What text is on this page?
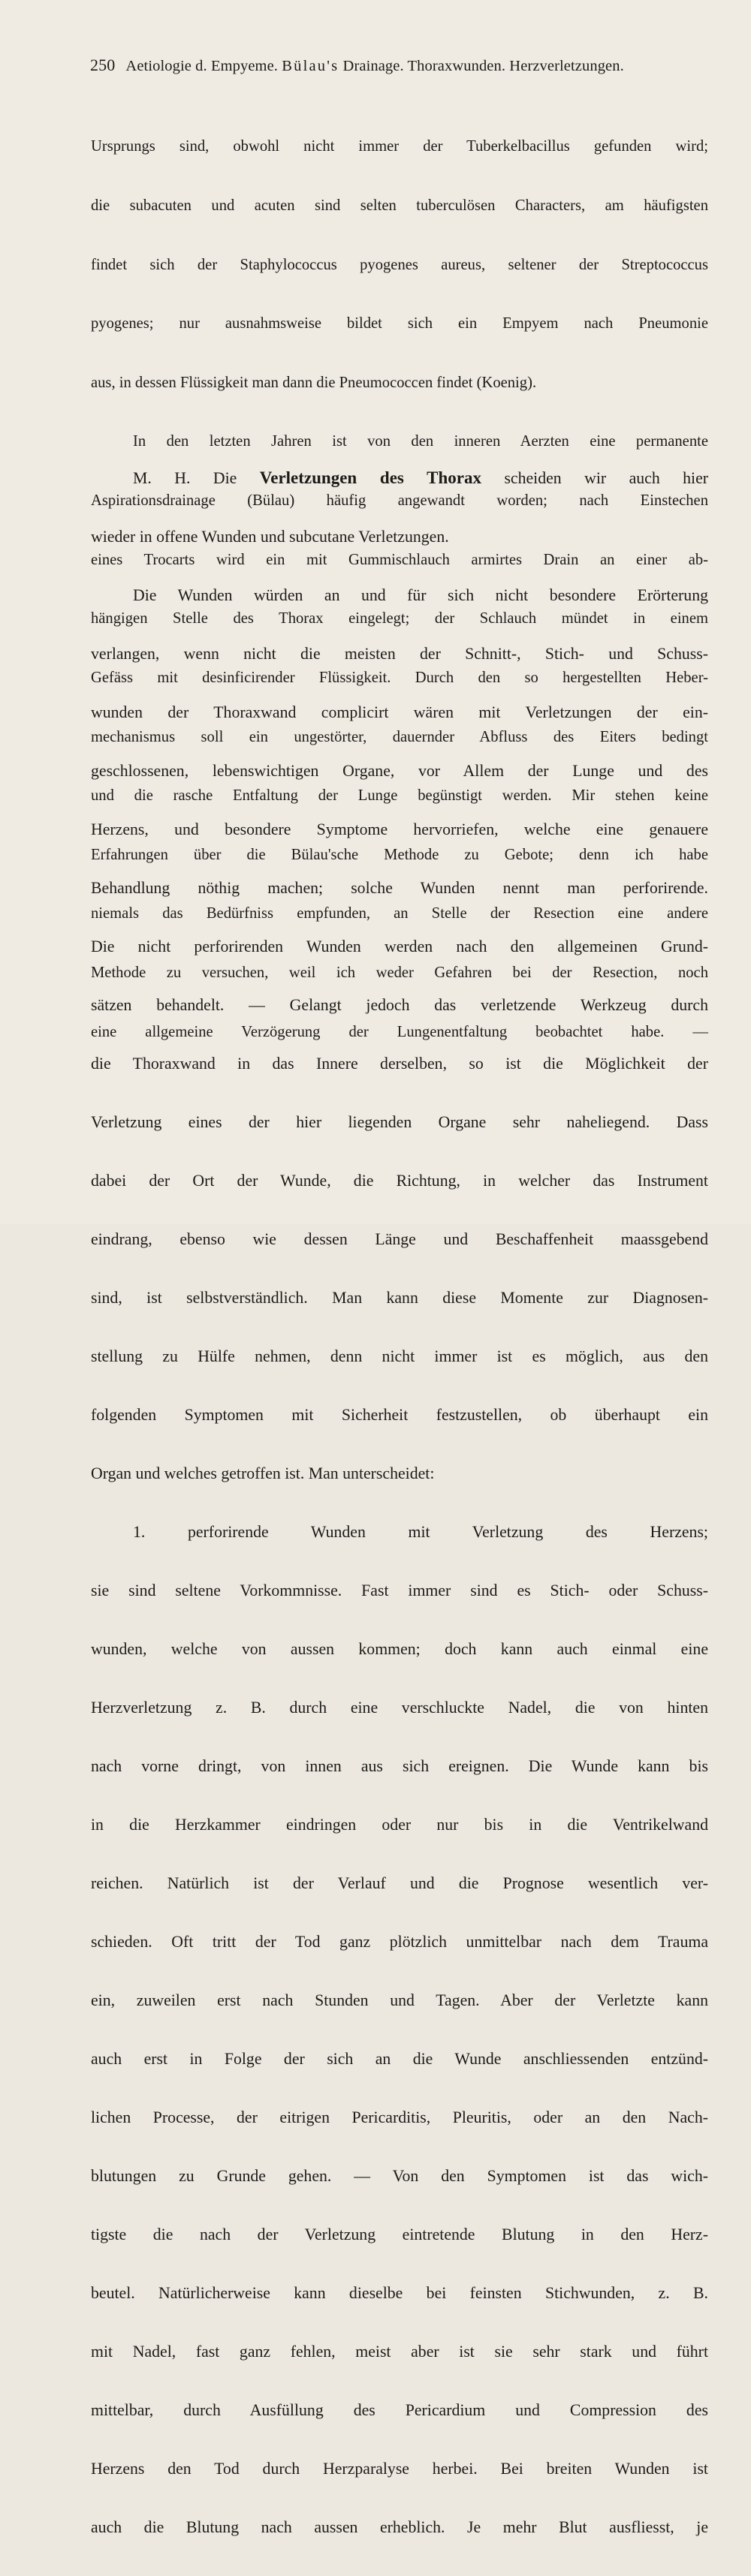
250 Aetiologie d. Empyeme. Bülau's Drainage. Thoraxwunden. Herzverletzungen.

Ursprungs sind, obwohl nicht immer der Tuberkelbacillus gefunden wird;

die subacuten und acuten sind selten tuberculösen Characters, am häufigsten

findet sich der Staphylococcus pyogenes aureus, seltener der Streptococcus

pyogenes; nur ausnahmsweise bildet sich ein Empyem nach Pneumonie

aus, in dessen Flüssigkeit man dann die Pneumococcen findet (Koenig).

In den letzten Jahren ist von den inneren Aerzten eine permanente

Aspirationsdrainage (Bülau) häufig angewandt worden; nach Einstechen

eines Trocarts wird ein mit Gummischlauch armirtes Drain an einer ab-

hängigen Stelle des Thorax eingelegt; der Schlauch mündet in einem

Gefäss mit desinficirender Flüssigkeit. Durch den so hergestellten Heber-

mechanismus soll ein ungestörter, dauernder Abfluss des Eiters bedingt

und die rasche Entfaltung der Lunge begünstigt werden. Mir stehen keine

Erfahrungen über die Bülau'sche Methode zu Gebote; denn ich habe

niemals das Bedürfniss empfunden, an Stelle der Resection eine andere

Methode zu versuchen, weil ich weder Gefahren bei der Resection, noch

eine allgemeine Verzögerung der Lungenentfaltung beobachtet habe. —

M. H. Die Verletzungen des Thorax scheiden wir auch hier

wieder in offene Wunden und subcutane Verletzungen.

Die Wunden würden an und für sich nicht besondere Erörterung

verlangen, wenn nicht die meisten der Schnitt-, Stich- und Schuss-

wunden der Thoraxwand complicirt wären mit Verletzungen der ein-

geschlossenen, lebenswichtigen Organe, vor Allem der Lunge und des

Herzens, und besondere Symptome hervorriefen, welche eine genauere

Behandlung nöthig machen; solche Wunden nennt man perforirende.

Die nicht perforirenden Wunden werden nach den allgemeinen Grund-

sätzen behandelt. — Gelangt jedoch das verletzende Werkzeug durch

die Thoraxwand in das Innere derselben, so ist die Möglichkeit der

Verletzung eines der hier liegenden Organe sehr naheliegend. Dass

dabei der Ort der Wunde, die Richtung, in welcher das Instrument

eindrang, ebenso wie dessen Länge und Beschaffenheit maassgebend

sind, ist selbstverständlich. Man kann diese Momente zur Diagnosen-

stellung zu Hülfe nehmen, denn nicht immer ist es möglich, aus den

folgenden Symptomen mit Sicherheit festzustellen, ob überhaupt ein

Organ und welches getroffen ist. Man unterscheidet:

1. perforirende Wunden mit Verletzung des Herzens;

sie sind seltene Vorkommnisse. Fast immer sind es Stich- oder Schuss-

wunden, welche von aussen kommen; doch kann auch einmal eine

Herzverletzung z. B. durch eine verschluckte Nadel, die von hinten

nach vorne dringt, von innen aus sich ereignen. Die Wunde kann bis

in die Herzkammer eindringen oder nur bis in die Ventrikelwand

reichen. Natürlich ist der Verlauf und die Prognose wesentlich ver-

schieden. Oft tritt der Tod ganz plötzlich unmittelbar nach dem Trauma

ein, zuweilen erst nach Stunden und Tagen. Aber der Verletzte kann

auch erst in Folge der sich an die Wunde anschliessenden entzünd-

lichen Processe, der eitrigen Pericarditis, Pleuritis, oder an den Nach-

blutungen zu Grunde gehen. — Von den Symptomen ist das wich-

tigste die nach der Verletzung eintretende Blutung in den Herz-

beutel. Natürlicherweise kann dieselbe bei feinsten Stichwunden, z. B.

mit Nadel, fast ganz fehlen, meist aber ist sie sehr stark und führt

mittelbar, durch Ausfüllung des Pericardium und Compression des

Herzens den Tod durch Herzparalyse herbei. Bei breiten Wunden ist

auch die Blutung nach aussen erheblich. Je mehr Blut ausfliesst, je
